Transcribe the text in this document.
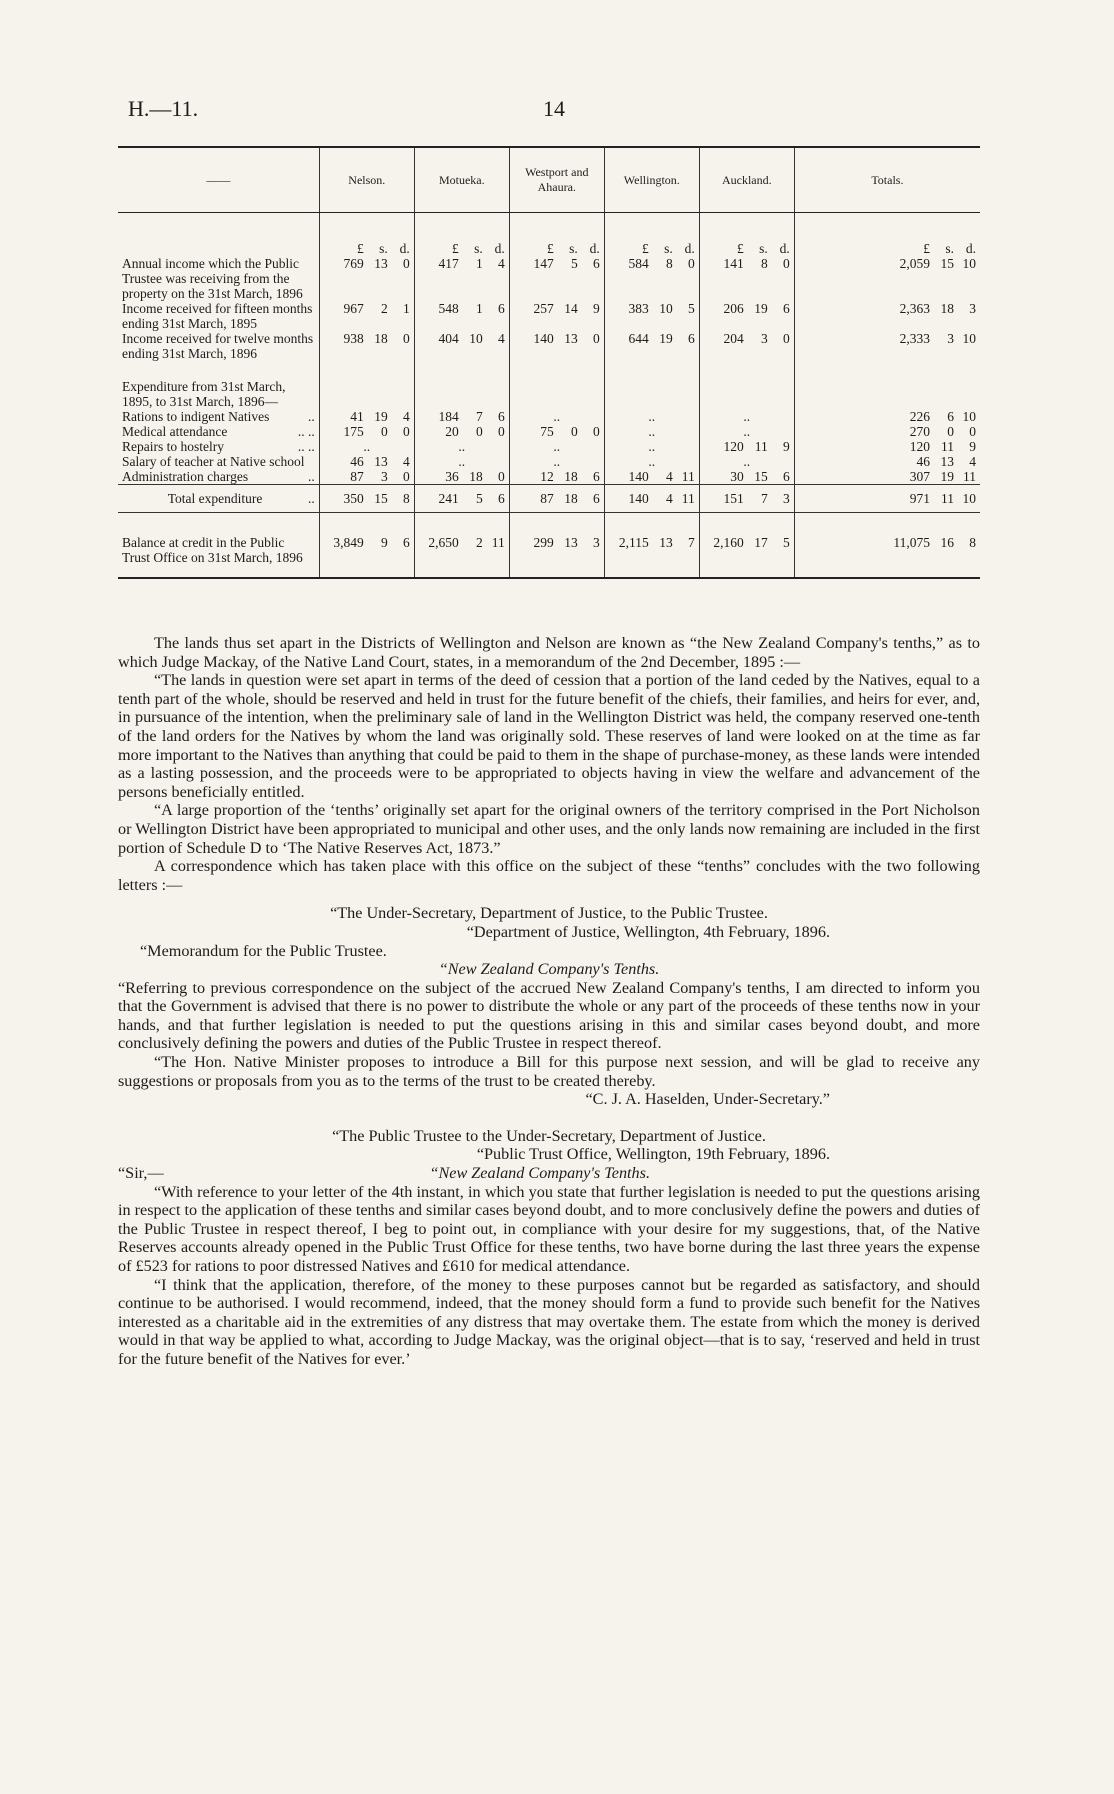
H.—11.	14
——	Nelson.	Motueka.	Westport and Ahaura.	Wellington.	Auckland.	Totals.

	£ s. d.	£ s. d.	£ s. d.	£ s. d.	£ s. d.	£ s. d.

Annual income which the Public Trustee was receiving from the property on the 31st March, 1896	769 13 0	417 1 4	147 5 6	584 8 0	141 8 0	2,059 15 10

Income received for fifteen months ending 31st March, 1895	967 2 1	548 1 6	257 14 9	383 10 5	206 19 6	2,363 18 3

Income received for twelve months ending 31st March, 1896	938 18 0	404 10 4	140 13 0	644 19 6	204 3 0	2,333 3 10

Expenditure from 31st March, 1895, to 31st March, 1896—						
Rations to indigent Natives ..	41 19 4	184 7 6	..	..	..	226 6 10

Medical attendance .. ..	175 0 0	20 0 0	75 0 0	..	..	270 0 0

Repairs to hostelry .. ..	..	..	..	..	120 11 9	120 11 9

Salary of teacher at Native school	46 13 4	..	..	..	..	46 13 4

Administration charges ..	87 3 0	36 18 0	12 18 6	140 4 11	30 15 6	307 19 11

Total expenditure ..	350 15 8	241 5 6	87 18 6	140 4 11	151 7 3	971 11 10

Balance at credit in the Public Trust Office on 31st March, 1896	3,849 9 6	2,650 2 11	299 13 3	2,115 13 7	2,160 17 5	11,075 16 8

The lands thus set apart in the Districts of Wellington and Nelson are known as “the New Zealand Company's tenths,” as to which Judge Mackay, of the Native Land Court, states, in a memorandum of the 2nd December, 1895 :—

“The lands in question were set apart in terms of the deed of cession that a portion of the land ceded by the Natives, equal to a tenth part of the whole, should be reserved and held in trust for the future benefit of the chiefs, their families, and heirs for ever, and, in pursuance of the intention, when the preliminary sale of land in the Wellington District was held, the company reserved one-tenth of the land orders for the Natives by whom the land was originally sold. These reserves of land were looked on at the time as far more important to the Natives than anything that could be paid to them in the shape of purchase-money, as these lands were intended as a lasting possession, and the proceeds were to be appropriated to objects having in view the welfare and advancement of the persons beneficially entitled.

“A large proportion of the ‘tenths’ originally set apart for the original owners of the territory comprised in the Port Nicholson or Wellington District have been appropriated to municipal and other uses, and the only lands now remaining are included in the first portion of Schedule D to ‘The Native Reserves Act, 1873.”

A correspondence which has taken place with this office on the subject of these “tenths” concludes with the two following letters :—

“The Under-Secretary, Department of Justice, to the Public Trustee.

“Department of Justice, Wellington, 4th February, 1896.

“Memorandum for the Public Trustee.

“New Zealand Company's Tenths.

“Referring to previous correspondence on the subject of the accrued New Zealand Company's tenths, I am directed to inform you that the Government is advised that there is no power to distribute the whole or any part of the proceeds of these tenths now in your hands, and that further legislation is needed to put the questions arising in this and similar cases beyond doubt, and more conclusively defining the powers and duties of the Public Trustee in respect thereof.

“The Hon. Native Minister proposes to introduce a Bill for this purpose next session, and will be glad to receive any suggestions or proposals from you as to the terms of the trust to be created thereby.

“C. J. A. Haselden, Under-Secretary.”

“The Public Trustee to the Under-Secretary, Department of Justice.

“Public Trust Office, Wellington, 19th February, 1896.

“Sir,—	“New Zealand Company's Tenths.

“With reference to your letter of the 4th instant, in which you state that further legislation is needed to put the questions arising in respect to the application of these tenths and similar cases beyond doubt, and to more conclusively define the powers and duties of the Public Trustee in respect thereof, I beg to point out, in compliance with your desire for my suggestions, that, of the Native Reserves accounts already opened in the Public Trust Office for these tenths, two have borne during the last three years the expense of £523 for rations to poor distressed Natives and £610 for medical attendance.

“I think that the application, therefore, of the money to these purposes cannot but be regarded as satisfactory, and should continue to be authorised. I would recommend, indeed, that the money should form a fund to provide such benefit for the Natives interested as a charitable aid in the extremities of any distress that may overtake them. The estate from which the money is derived would in that way be applied to what, according to Judge Mackay, was the original object—that is to say, ‘reserved and held in trust for the future benefit of the Natives for ever.’
